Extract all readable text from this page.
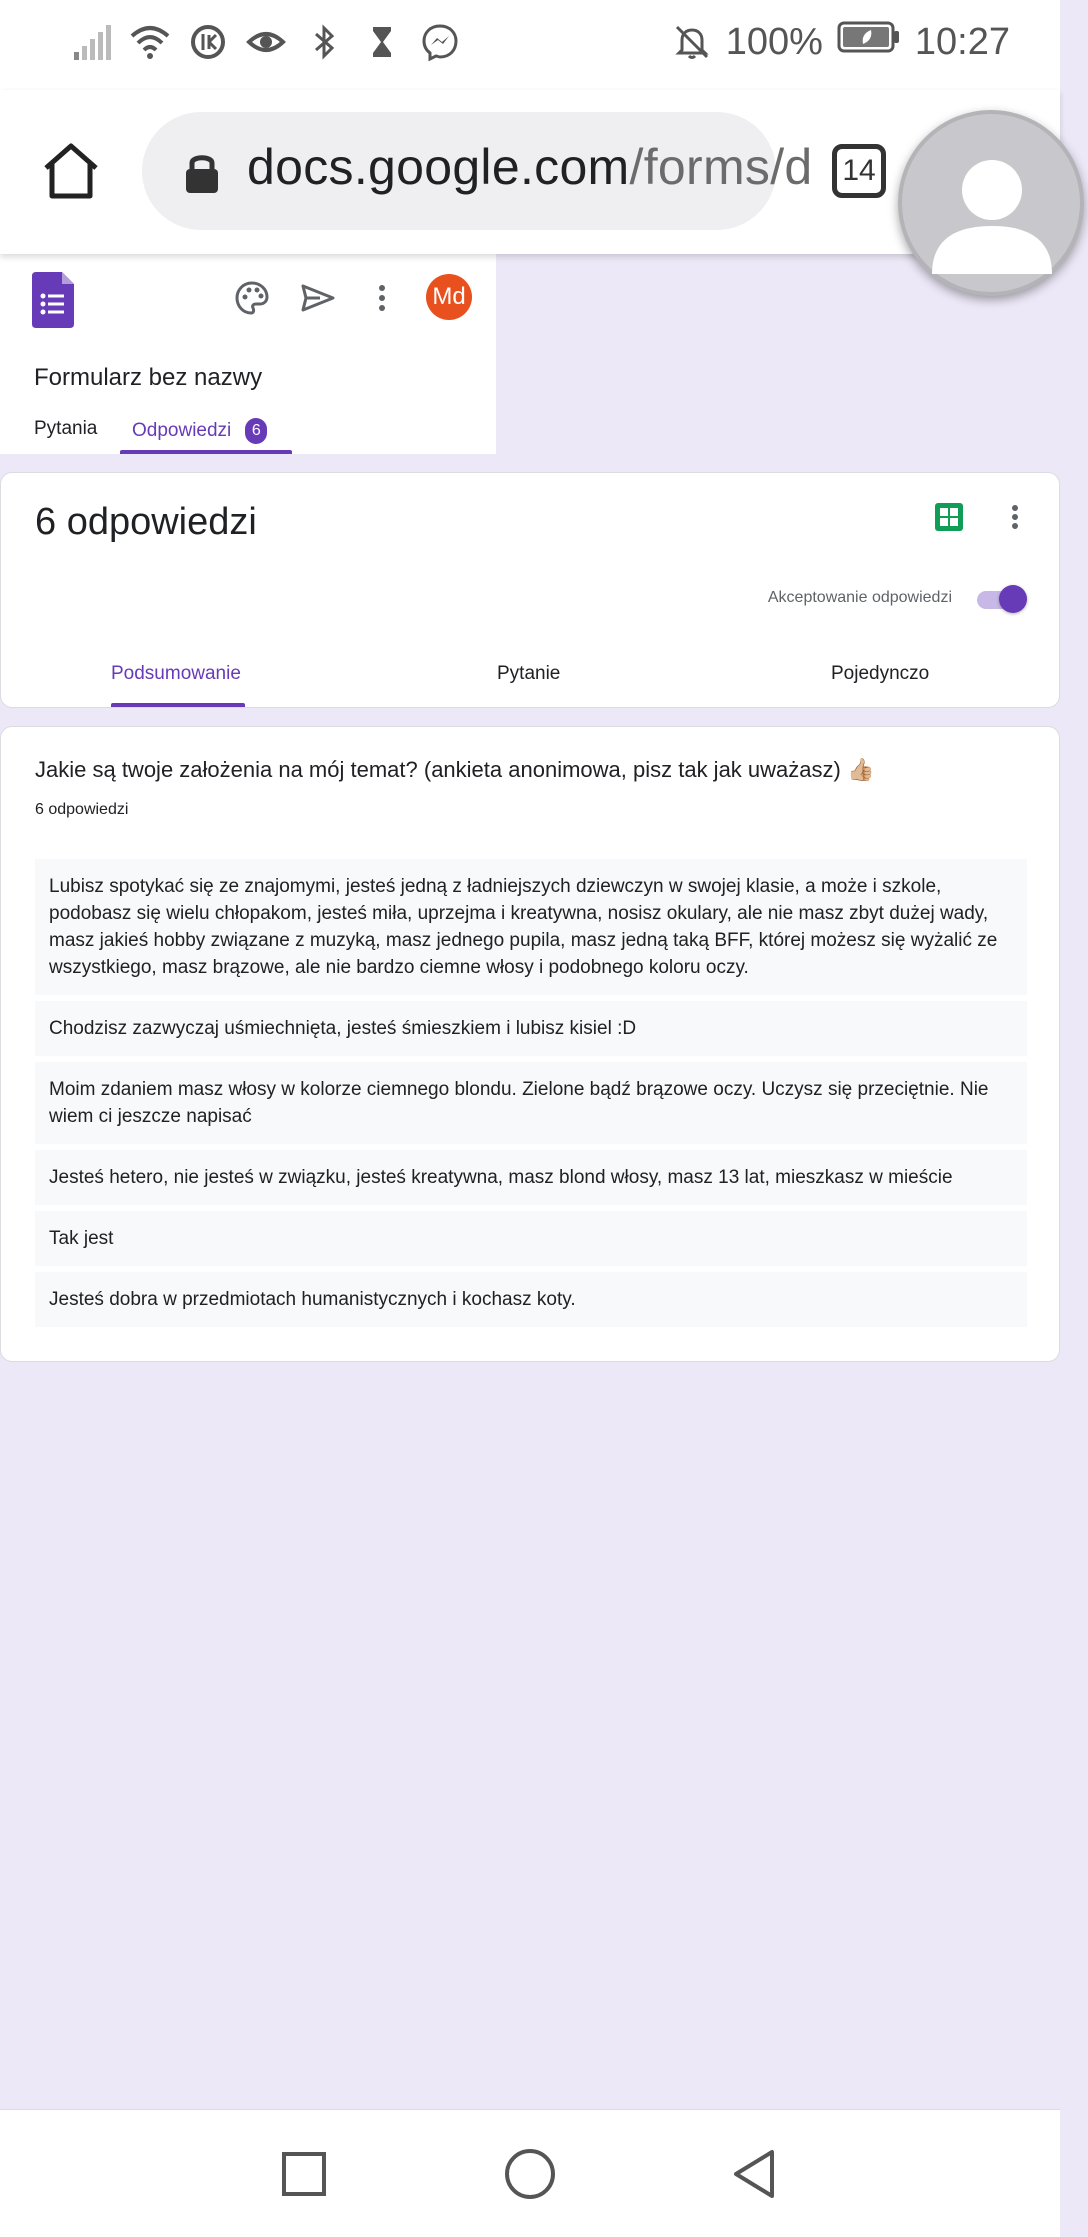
100% 10:27
docs.google.com/forms/d 14
Md
Formularz bez nazwy
Pytania Odpowiedzi 6
6 odpowiedzi
Akceptowanie odpowiedzi
Podsumowanie	Pytanie	Pojedynczo
Jakie są twoje założenia na mój temat? (ankieta anonimowa, pisz tak jak uważasz) 👍🏼
6 odpowiedzi
Lubisz spotykać się ze znajomymi, jesteś jedną z ładniejszych dziewczyn w swojej klasie, a może i szkole, podobasz się wielu chłopakom, jesteś miła, uprzejma i kreatywna, nosisz okulary, ale nie masz zbyt dużej wady, masz jakieś hobby związane z muzyką, masz jednego pupila, masz jedną taką BFF, której możesz się wyżalić ze wszystkiego, masz brązowe, ale nie bardzo ciemne włosy i podobnego koloru oczy.
Chodzisz zazwyczaj uśmiechnięta, jesteś śmieszkiem i lubisz kisiel :D
Moim zdaniem masz włosy w kolorze ciemnego blondu. Zielone bądź brązowe oczy. Uczysz się przeciętnie. Nie wiem ci jeszcze napisać
Jesteś hetero, nie jesteś w związku, jesteś kreatywna, masz blond włosy, masz 13 lat, mieszkasz w mieście
Tak jest
Jesteś dobra w przedmiotach humanistycznych i kochasz koty.
